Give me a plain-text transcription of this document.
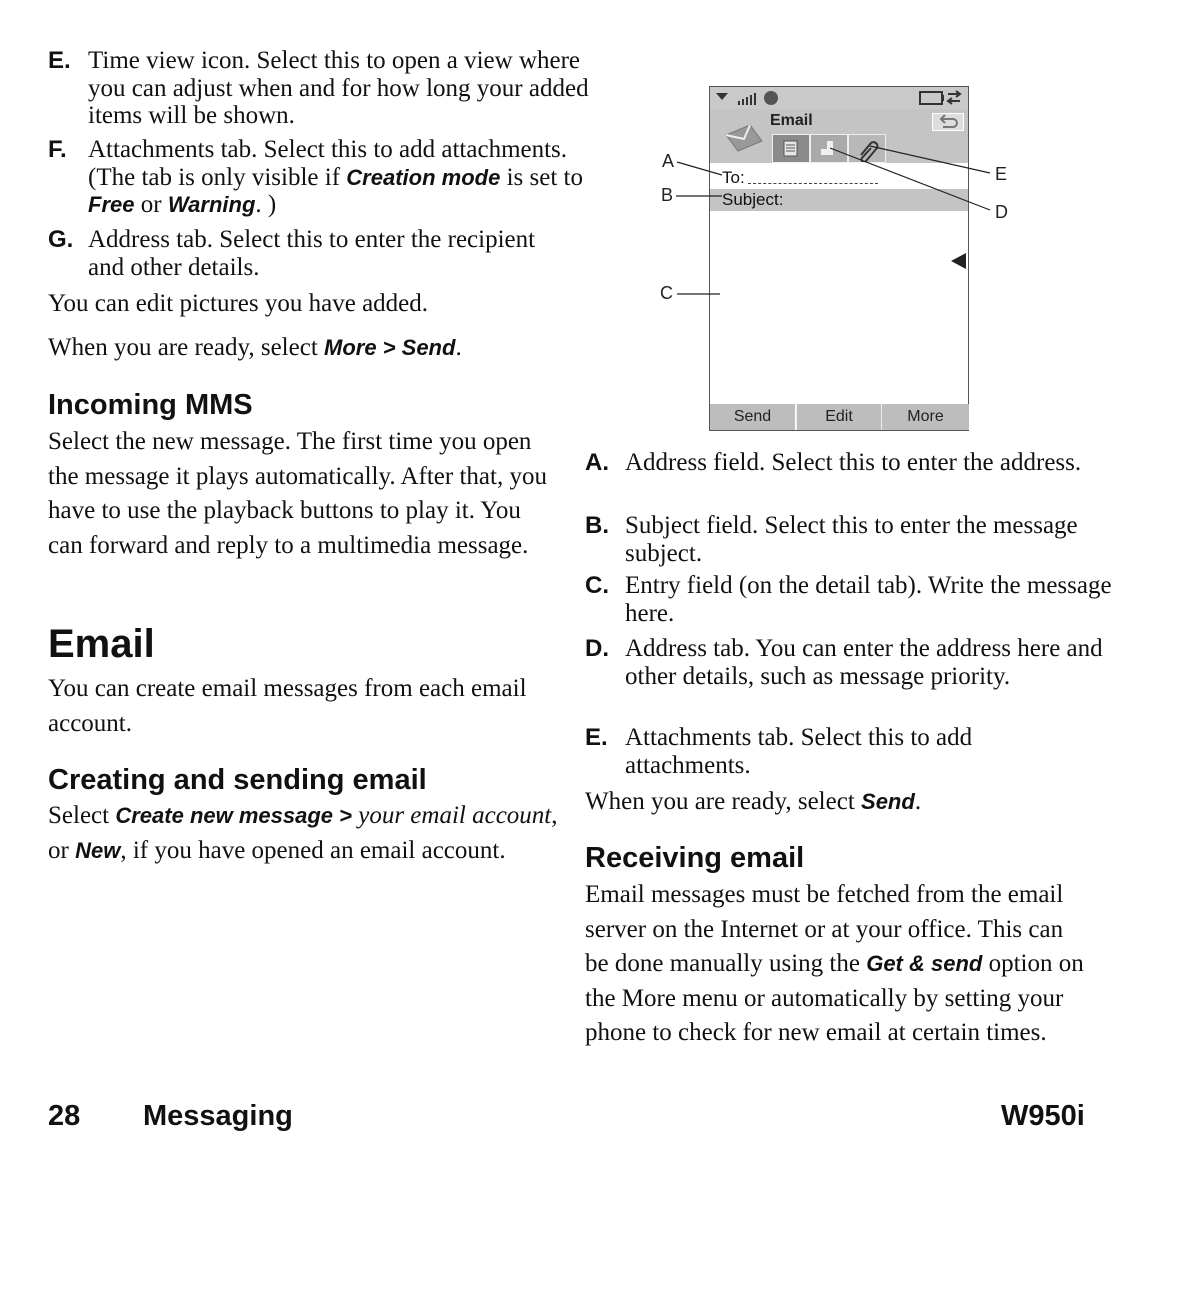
E. Time view icon. Select this to open a view where you can adjust when and for how long your added items will be shown.
F. Attachments tab. Select this to add attachments. (The tab is only visible if Creation mode is set to Free or Warning. )
G. Address tab. Select this to enter the recipient and other details.

You can edit pictures you have added.

When you are ready, select More > Send.

Incoming MMS

Select the new message. The first time you open the message it plays automatically. After that, you have to use the playback buttons to play it. You can forward and reply to a multimedia message.

Email

You can create email messages from each email account.

Creating and sending email

Select Create new message > your email account, or New, if you have opened an email account.

Email
To:
Subject:
Send	Edit	More
A
B
C
D
E
A. Address field. Select this to enter the address.
B. Subject field. Select this to enter the message subject.
C. Entry field (on the detail tab). Write the message here.
D. Address tab. You can enter the address here and other details, such as message priority.
E. Attachments tab. Select this to add attachments.

When you are ready, select Send.

Receiving email

Email messages must be fetched from the email server on the Internet or at your office. This can be done manually using the Get & send option on the More menu or automatically by setting your phone to check for new email at certain times.

28 Messaging	W950i
